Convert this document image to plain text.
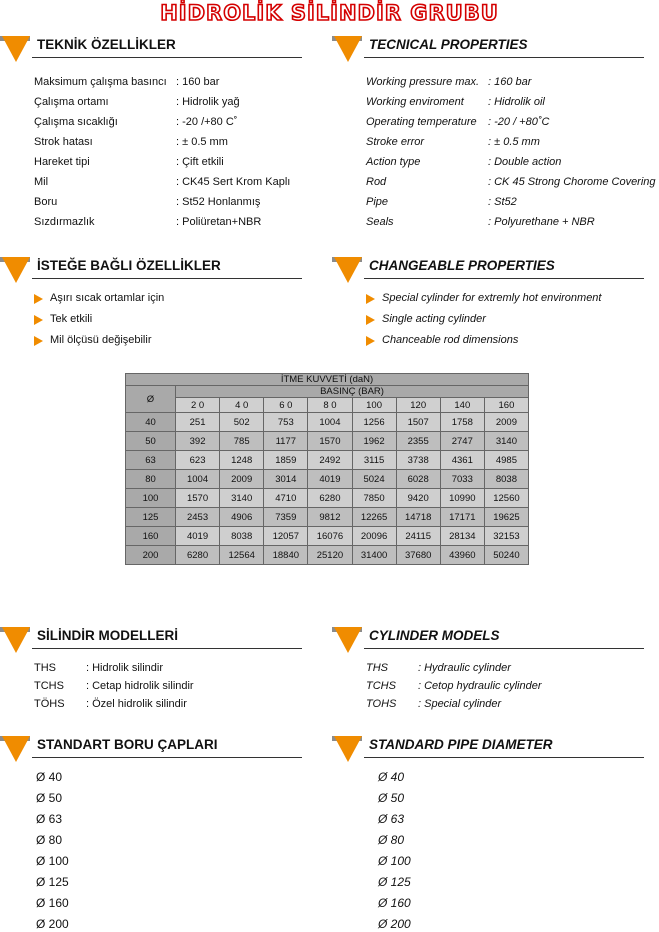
HİDROLİK SİLİNDİR GRUBU
TEKNİK ÖZELLİKLER
Maksimum çalışma basıncı : 160 bar
Çalışma ortamı	: Hidrolik yağ
Çalışma sıcaklığı	: -20 /+80 C˚
Strok hatası	: ± 0.5 mm
Hareket tipi	: Çift etkili
Mil	: CK45 Sert Krom Kaplı
Boru	: St52 Honlanmış
Sızdırmazlık	: Poliüretan+NBR
TECNICAL PROPERTIES
Working pressure max. : 160 bar
Working enviroment : Hidrolik oil
Operating temperature : -20 / +80˚C
Stroke error	: ± 0.5 mm
Action type	: Double action
Rod	: CK 45 Strong Chorome Covering
Pipe	: St52
Seals	: Polyurethane + NBR
İSTEĞE BAĞLI ÖZELLİKLER
Aşırı sıcak ortamlar için
Tek etkili
Mil ölçüsü değişebilir
CHANGEABLE PROPERTIES
Special cylinder for extremly hot environment
Single acting cylinder
Chanceable rod dimensions
İTME KUVVETİ (daN)								
Ø	BASINÇ (BAR)							
	2 0	4 0	6 0	8 0	100	120	140	160
40	251	502	753	1004	1256	1507	1758	2009
50	392	785	1177	1570	1962	2355	2747	3140
63	623	1248	1859	2492	3115	3738	4361	4985
80	1004	2009	3014	4019	5024	6028	7033	8038
100	1570	3140	4710	6280	7850	9420	10990	12560
125	2453	4906	7359	9812	12265	14718	17171	19625
160	4019	8038	12057	16076	20096	24115	28134	32153
200	6280	12564	18840	25120	31400	37680	43960	50240
SİLİNDİR MODELLERİ
THS	: Hidrolik silindir
TCHS : Cetap hidrolik silindir
TÖHS : Özel hidrolik silindir
CYLINDER MODELS
THS	: Hydraulic cylinder
TCHS : Cetop hydraulic cylinder
TOHS : Special cylinder
STANDART BORU ÇAPLARI
Ø 40
Ø 50
Ø 63
Ø 80
Ø 100
Ø 125
Ø 160
Ø 200
STANDARD PIPE DIAMETER
Ø 40
Ø 50
Ø 63
Ø 80
Ø 100
Ø 125
Ø 160
Ø 200
